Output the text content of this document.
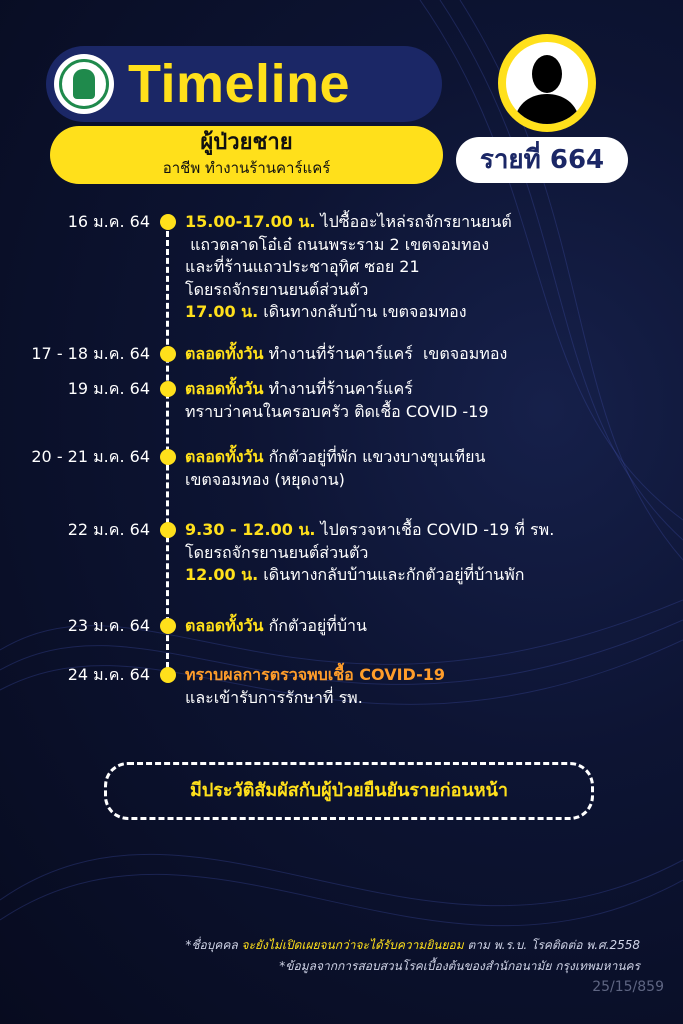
Timeline
ผู้ป่วยชาย
อาชีพ ทำงานร้านคาร์แคร์	รายที่ 664
16 ม.ค. 64 15.00-17.00 น. ไปซื้ออะไหล่รถจักรยานยนต์
แถวตลาดโอ๋เอ๋ ถนนพระราม 2 เขตจอมทอง
และที่ร้านแถวประชาอุทิศ ซอย 21
โดยรถจักรยานยนต์ส่วนตัว
17.00 น. เดินทางกลับบ้าน เขตจอมทอง
17 - 18 ม.ค. 64 ตลอดทั้งวัน ทำงานที่ร้านคาร์แคร์  เขตจอมทอง
19 ม.ค. 64 ตลอดทั้งวัน ทำงานที่ร้านคาร์แคร์
ทราบว่าคนในครอบครัว ติดเชื้อ COVID -19
20 - 21 ม.ค. 64 ตลอดทั้งวัน กักตัวอยู่ที่พัก แขวงบางขุนเทียน
เขตจอมทอง (หยุดงาน)
22 ม.ค. 64 9.30 - 12.00 น. ไปตรวจหาเชื้อ COVID -19 ที่ รพ.
โดยรถจักรยานยนต์ส่วนตัว
12.00 น. เดินทางกลับบ้านและกักตัวอยู่ที่บ้านพัก
23 ม.ค. 64 ตลอดทั้งวัน กักตัวอยู่ที่บ้าน
24 ม.ค. 64 ทราบผลการตรวจพบเชื้อ COVID-19
และเข้ารับการรักษาที่ รพ.
มีประวัติสัมผัสกับผู้ป่วยยืนยันรายก่อนหน้า
*ชื่อบุคคล จะยังไม่เปิดเผยจนกว่าจะได้รับความยินยอม ตาม พ.ร.บ. โรคติดต่อ พ.ศ.2558
*ข้อมูลจากการสอบสวนโรคเบื้องต้นของสำนักอนามัย กรุงเทพมหานคร
25/15/859
